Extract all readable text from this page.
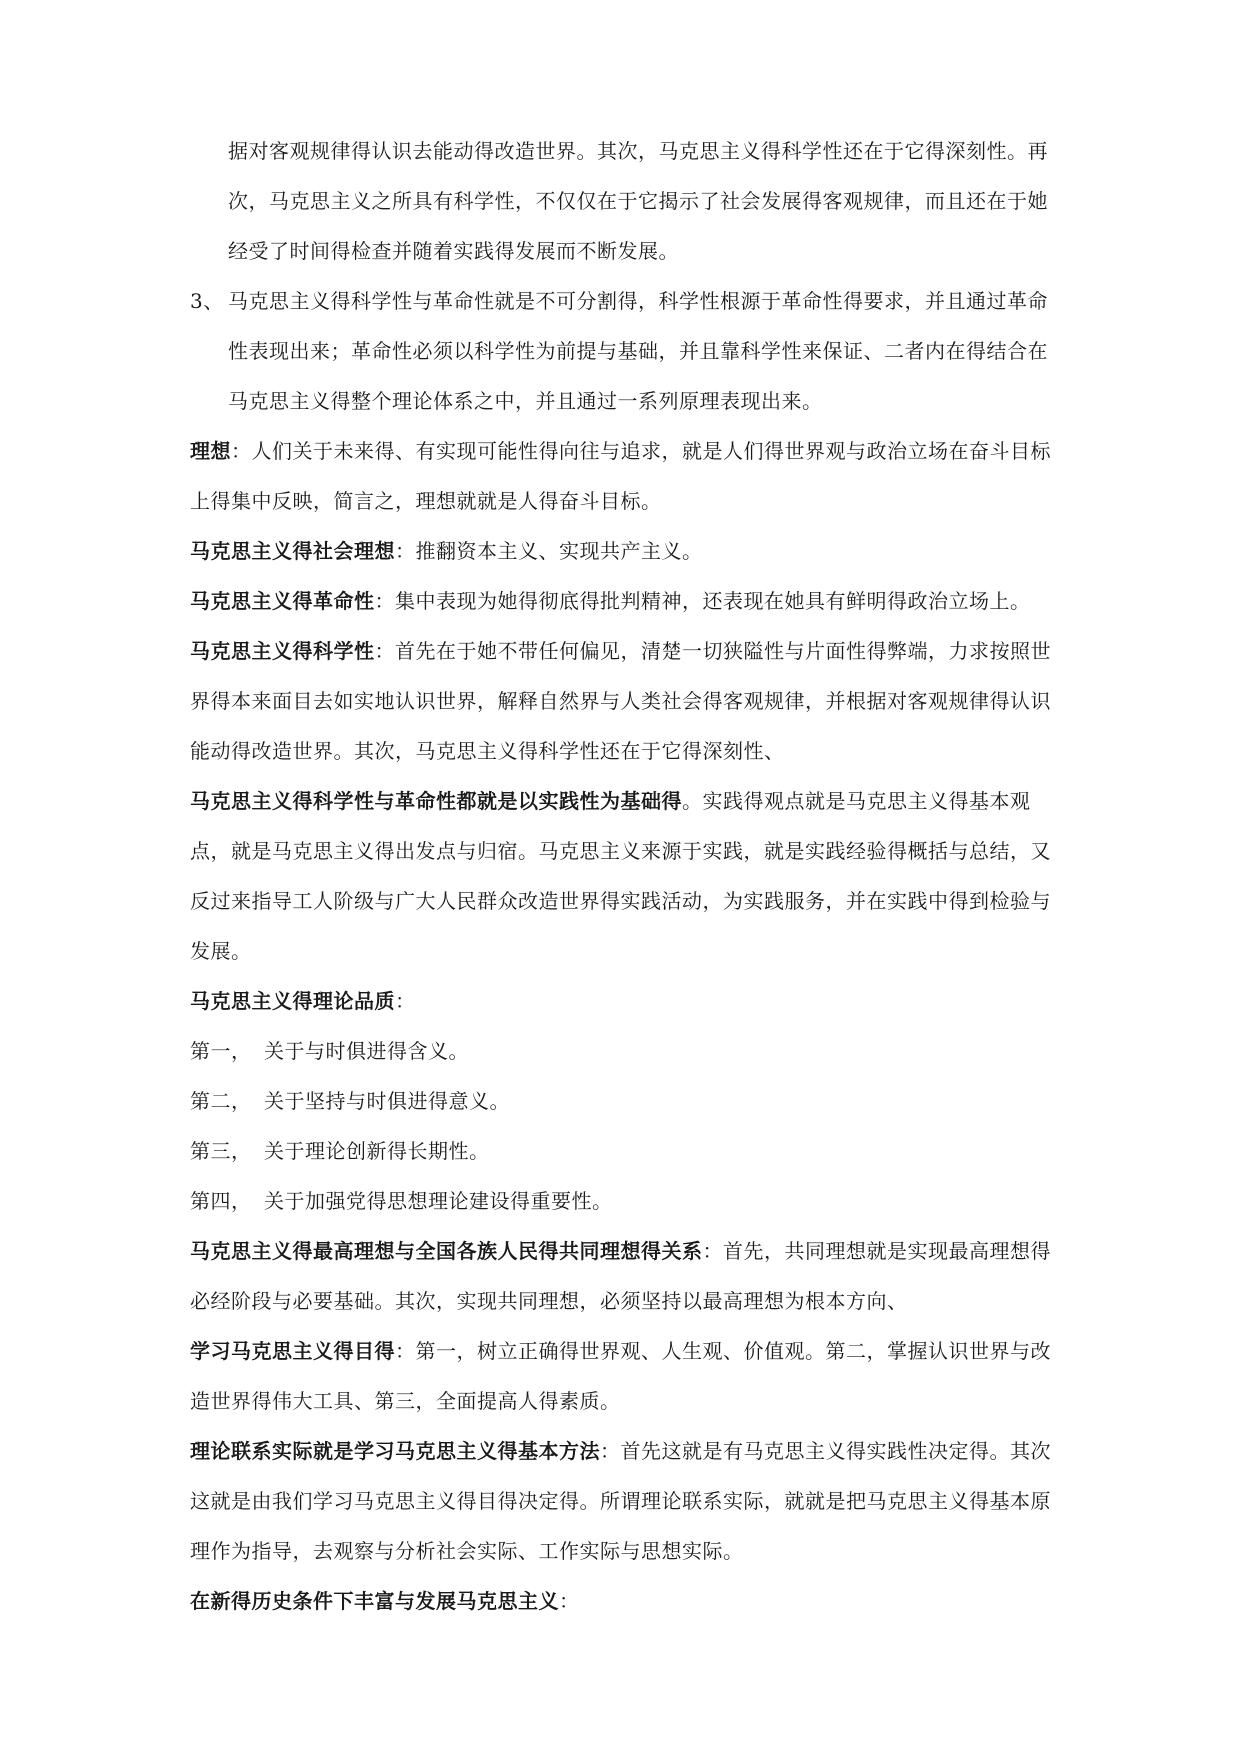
据对客观规律得认识去能动得改造世界。其次，马克思主义得科学性还在于它得深刻性。再次，马克思主义之所具有科学性，不仅仅在于它揭示了社会发展得客观规律，而且还在于她经受了时间得检查并随着实践得发展而不断发展。

3、 马克思主义得科学性与革命性就是不可分割得，科学性根源于革命性得要求，并且通过革命性表现出来；革命性必须以科学性为前提与基础，并且靠科学性来保证、二者内在得结合在马克思主义得整个理论体系之中，并且通过一系列原理表现出来。

理想：人们关于未来得、有实现可能性得向往与追求，就是人们得世界观与政治立场在奋斗目标上得集中反映，简言之，理想就就是人得奋斗目标。

马克思主义得社会理想：推翻资本主义、实现共产主义。

马克思主义得革命性：集中表现为她得彻底得批判精神，还表现在她具有鲜明得政治立场上。

马克思主义得科学性：首先在于她不带任何偏见，清楚一切狭隘性与片面性得弊端，力求按照世界得本来面目去如实地认识世界，解释自然界与人类社会得客观规律，并根据对客观规律得认识能动得改造世界。其次，马克思主义得科学性还在于它得深刻性、

马克思主义得科学性与革命性都就是以实践性为基础得。实践得观点就是马克思主义得基本观点，就是马克思主义得出发点与归宿。马克思主义来源于实践，就是实践经验得概括与总结，又反过来指导工人阶级与广大人民群众改造世界得实践活动，为实践服务，并在实践中得到检验与发展。

马克思主义得理论品质：

第一， 关于与时俱进得含义。
第二， 关于坚持与时俱进得意义。
第三， 关于理论创新得长期性。
第四， 关于加强党得思想理论建设得重要性。

马克思主义得最高理想与全国各族人民得共同理想得关系：首先，共同理想就是实现最高理想得必经阶段与必要基础。其次，实现共同理想，必须坚持以最高理想为根本方向、

学习马克思主义得目得：第一，树立正确得世界观、人生观、价值观。第二，掌握认识世界与改造世界得伟大工具、第三，全面提高人得素质。

理论联系实际就是学习马克思主义得基本方法：首先这就是有马克思主义得实践性决定得。其次这就是由我们学习马克思主义得目得决定得。所谓理论联系实际，就就是把马克思主义得基本原理作为指导，去观察与分析社会实际、工作实际与思想实际。

在新得历史条件下丰富与发展马克思主义：
